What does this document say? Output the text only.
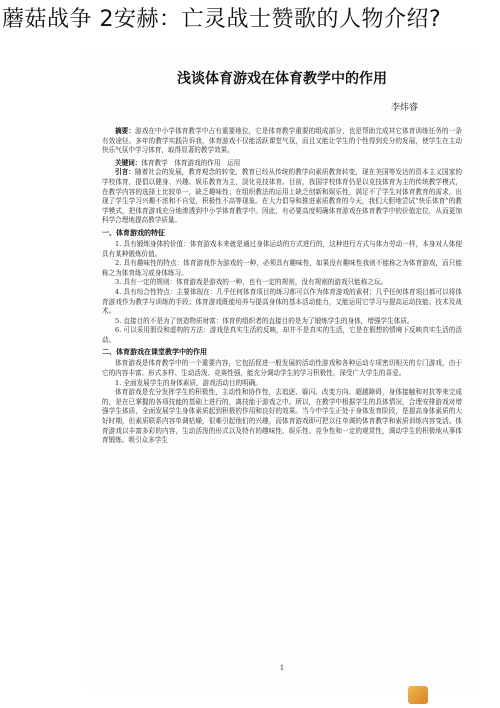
蘑菇战争 2安赫：亡灵战士赞歌的人物介绍?
浅谈体育游戏在体育教学中的作用
李炜睿
摘要：游戏在中小学体育教学中占有重要地位，它是体育教学重要的组成部分，也是帮助完成其它体育训练任务的一条有效途径。多年的教学实践告诉我，体育游戏不仅能活跃课堂气氛，而且又能让学生的个性得到充分的发展，使学生在主动快乐气氛中学习体育，取得显著的教学效果。
关键词：体育教学　体育游戏的作用　运用
引言：随着社会的发展，教育观念的转变，教育已经从传统的教学向素质教育转变，现在美国等发达的资本主义国家的学校体育，提倡以健身、兴趣、娱乐教育为主，淡化竞技体育。目前，我国学校体育仍是以竞技体育为主的传统教学模式，在教学内容的选择上比较单一，缺乏趣味性；在组织教法的运用上缺乏创新和娱乐性，满足不了学生对体育教育的需求，出现了学生学习兴趣不浓和不自觉，积极性不高等现象。在大力倡导和推进素质教育的今天，我们大胆地尝试“快乐体育”的教学模式，把体育游戏充分地渗透到中小学体育教学中。因此，有必要高度明确体育游戏在体育教学中的价值定位，从而更加科学合理地提高教学质量。
一、体育游戏的特征
1. 具有锻炼身体的价值：体育游戏本来就是通过身体运动的方式进行的，这种进行方式与体力劳动一样，本身对人体便具有某种锻炼价值。
2. 具有趣味性的特点：体育游戏作为游戏的一种，必须具有趣味性，如果没有趣味性我则不能称之为体育游戏，而只能称之为体育练习或身体练习。
3. 具有一定的规则：体育游戏是游戏的一种，也有一定的规则，没有规则的游戏只能称之玩。
4. 具有综合性特点：主要体现在：几乎任何体育项目的练习都可以作为体育游戏的素材；几乎任何体育项目都可以将体育游戏作为教学与训练的手段；体育游戏既能培养与提高身体的基本活动能力，又能运用它学习与提高运动技能、技术及战术。
5. 直接目的不是为了创造物质财富：体育的组织者的直接目的是为了锻炼学生的身体，增强学生体质。
6. 可以采用假设和虚构的方法：游戏是真实生活的反映，却并不是真实的生活，它是在假想的情境下反映真实生活的活动。
二、体育游戏在课堂教学中的作用
体育游戏是体育教学中的一个重要内容，它包括促进一般发展的活动性游戏和各种运动专项密切相关的专门游戏，由于它的内容丰富、形式多样、生动活泼、竞赛性强，能充分调动学生的学习积极性，深受广大学生的喜爱。
1. 全面发展学生的身体素质，游戏活动目的明确。
体育游戏是充分发挥学生的积极性，主动性和协作性，去追逐、躲闪、改变方向、超越障碍，身体接触和对抗等来完成的，是在已掌握的各项技能的基础上进行的，离技能于游戏之中。所以，在教学中根据学生的具体情况，合理安排游戏对增强学生体质，全面发展学生身体素质起到积极的作用和良好的效果。当今中学生正处于身体发育阶段，是提高身体素质的大好时期，但素质联系内容单调枯燥，很难引起他们的兴趣，而体育游戏即可把以往单调的体育教学和素质训练内容变活。体育游戏以丰富多彩的内容，生动活泼的形式以及特有的趣味性、娱乐性、竞争性和一定的观赏性，调动学生的积极地从事体育锻炼。吸引众多学生
1
